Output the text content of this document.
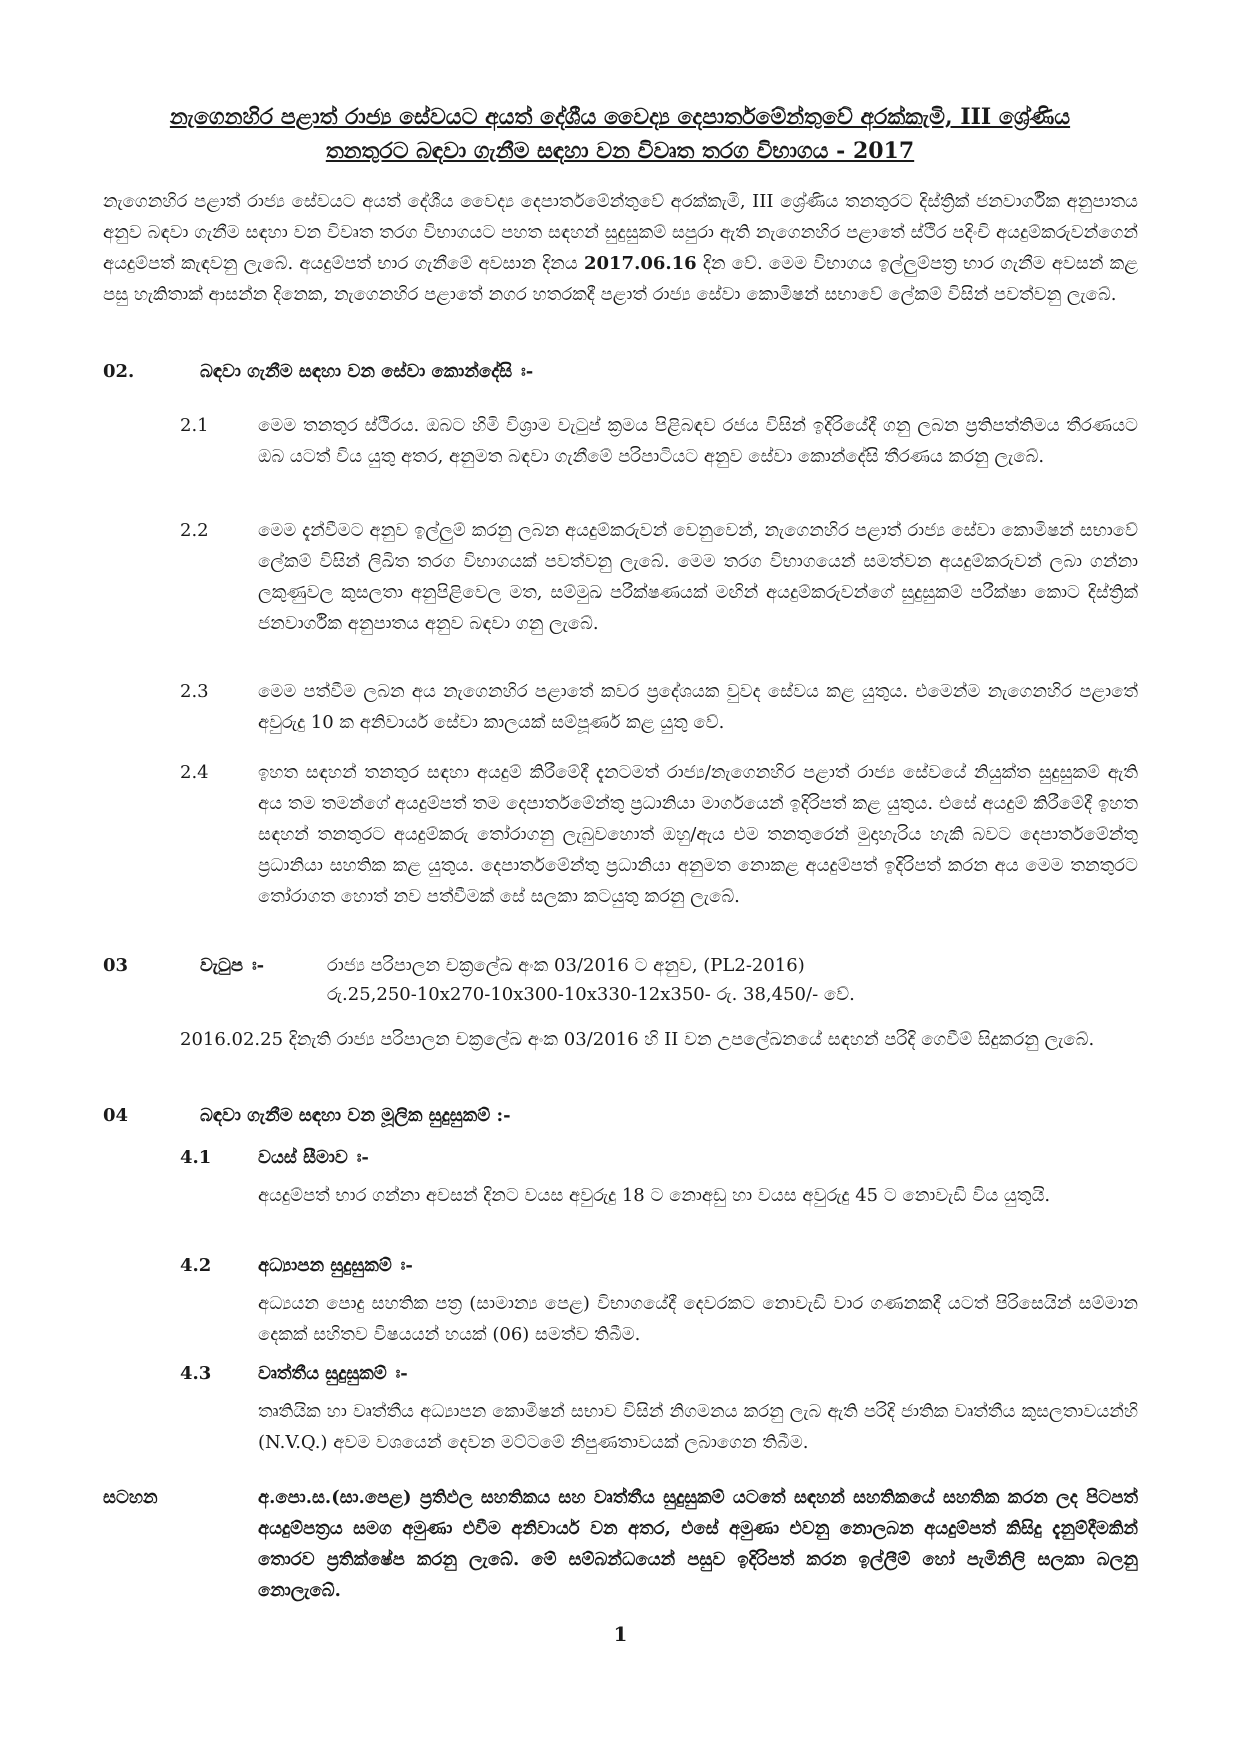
නැගෙනහිර පළාත් රාජ්‍ය සේවයට අයත් දේශීය වෛද්‍ය දෙපාර්තමේන්තුවේ අරක්කැමි, III ශ්‍රේණිය
තනතුරට බඳවා ගැනීම සඳහා වන විවෘත තරග විභාගය - 2017

නැගෙනහිර පළාත් රාජ්‍ය සේවයට අයත් දේශීය වෛද්‍ය දෙපාර්තමේන්තුවේ අරක්කැමි, III ශ්‍රේණිය තනතුරට දිස්ත්‍රික් ජනවාර්ගික අනුපාතය අනුව බඳවා ගැනීම සඳහා වන විවෘත තරග විභාගයට පහත සඳහන් සුදුසුකම් සපුරා ඇති නැගෙනහිර පළාතේ ස්ථිර පදිංචි අයදුම්කරුවන්ගෙන් අයදුම්පත් කැඳවනු ලැබේ. අයදුම්පත් භාර ගැනීමේ අවසාන දිනය 2017.06.16 දින වේ. මෙම විභාගය ඉල්ලුම්පත්‍ර භාර ගැනීම අවසන් කළ පසු හැකිතාක් ආසන්න දිනෙක, නැගෙනහිර පළාතේ නගර හතරකදී පළාත් රාජ්‍ය සේවා කොමිෂන් සභාවේ ලේකම් විසින් පවත්වනු ලැබේ.

02.	බඳවා ගැනීම සඳහා වන සේවා කොන්දේසි ඃ-
2.1	මෙම තනතුර ස්ථිරය. ඔබට හිමි විශ්‍රාම වැටුප් ක්‍රමය පිළිබඳව රජය විසින් ඉදිරියේදී ගනු ලබන ප්‍රතිපත්තිමය තීරණයට ඔබ යටත් විය යුතු අතර, අනුමත බඳවා ගැනීමේ පරිපාටියට අනුව සේවා කොන්දේසි තීරණය කරනු ලැබේ.

2.2	මෙම දැන්වීමට අනුව ඉල්ලුම් කරනු ලබන අයදුම්කරුවන් වෙනුවෙන්, නැගෙනහිර පළාත් රාජ්‍ය සේවා කොමිෂන් සභාවේ ලේකම් විසින් ලිඛිත තරග විභාගයක් පවත්වනු ලැබේ. මෙම තරග විභාගයෙන් සමත්වන අයදුම්කරුවන් ලබා ගන්නා ලකුණුවල කුසලතා අනුපිළිවෙල මත, සම්මුඛ පරීක්ෂණයක් මඟින් අයදුම්කරුවන්ගේ සුදුසුකම් පරීක්ෂා කොට දිස්ත්‍රික් ජනවාර්ගික අනුපාතය අනුව බඳවා ගනු ලැබේ.

2.3	මෙම පත්වීම ලබන අය නැගෙනහිර පළාතේ කවර ප්‍රදේශයක වුවද සේවය කළ යුතුය. එමෙන්ම නැගෙනහිර පළාතේ අවුරුදු 10 ක අනිවාර්ය සේවා කාලයක් සම්පූර්ණ කළ යුතු වේ.

2.4	ඉහත සඳහන් තනතුර සඳහා අයදුම් කිරීමේදී දැනටමත් රාජ්‍ය/නැගෙනහිර පළාත් රාජ්‍ය සේවයේ නියුක්ත සුදුසුකම් ඇති අය තම තමන්ගේ අයදුම්පත් තම දෙපාර්තමේන්තු ප්‍රධානියා මාර්ගයෙන් ඉදිරිපත් කළ යුතුය. එසේ අයදුම් කිරීමේදී ඉහත සඳහන් තනතුරට අයදුම්කරු තෝරාගනු ලැබුවහොත් ඔහු/ඇය එම තනතුරෙන් මුදාහැරිය හැකි බවට දෙපාර්තමේන්තු ප්‍රධානියා සහතික කළ යුතුය. දෙපාර්තමේන්තු ප්‍රධානියා අනුමත නොකළ අයදුම්පත් ඉදිරිපත් කරන අය මෙම තනතුරට තෝරාගත හොත් නව පත්වීමක් සේ සලකා කටයුතු කරනු ලැබේ.

03	වැටුප ඃ-	රාජ්‍ය පරිපාලන චක්‍රලේඛ අංක 03/2016 ට අනුව, (PL2-2016)
රු.25,250-10x270-10x300-10x330-12x350- රු. 38,450/- වේ.

2016.02.25 දිනැති රාජ්‍ය පරිපාලන චක්‍රලේඛ අංක 03/2016 හි II වන උපලේඛනයේ සඳහන් පරිදි ගෙවීම් සිදුකරනු ලැබේ.

04	බඳවා ගැනීම සඳහා වන මූලික සුදුසුකම් :-
4.1	වයස් සීමාව ඃ-

අයදුම්පත් භාර ගන්නා අවසන් දිනට වයස අවුරුදු 18 ට නොඅඩු හා වයස අවුරුදු 45 ට නොවැඩි විය යුතුයි.

4.2	අධ්‍යාපන සුදුසුකම් ඃ-

අධ්‍යයන පොදු සහතික පත්‍ර (සාමාන්‍ය පෙළ) විභාගයේදී දෙවරකට නොවැඩි වාර ගණනකදී යටත් පිරිසෙයින් සම්මාන දෙකක් සහිතව විෂයයන් හයක් (06) සමත්ව තිබීම.

4.3	වෘත්තීය සුදුසුකම් ඃ-

තෘතියික හා වෘත්තීය අධ්‍යාපන කොමිෂන් සභාව විසින් නිගමනය කරනු ලැබ ඇති පරිදි ජාතික වෘත්තීය කුසලතාවයන්හි (N.V.Q.) අවම වශයෙන් දෙවන මට්ටමේ නිපුණතාවයක් ලබාගෙන තිබීම.

සටහන	අ.පො.ස.(සා.පෙළ) ප්‍රතිඵල සහතිකය සහ වෘත්තීය සුදුසුකම් යටතේ සඳහන් සහතිකයේ සහතික කරන ලද පිටපත් අයදුම්පත්‍රය සමග අමුණා එවීම අනිවාර්ය වන අතර, එසේ අමුණා එවනු නොලබන අයදුම්පත් කිසිදු දැනුම්දීමකින් තොරව ප්‍රතික්ෂේප කරනු ලැබේ. මේ සම්බන්ධයෙන් පසුව ඉදිරිපත් කරන ඉල්ලීම් හෝ පැමිනිලි සලකා බලනු නොලැබේ.

1
